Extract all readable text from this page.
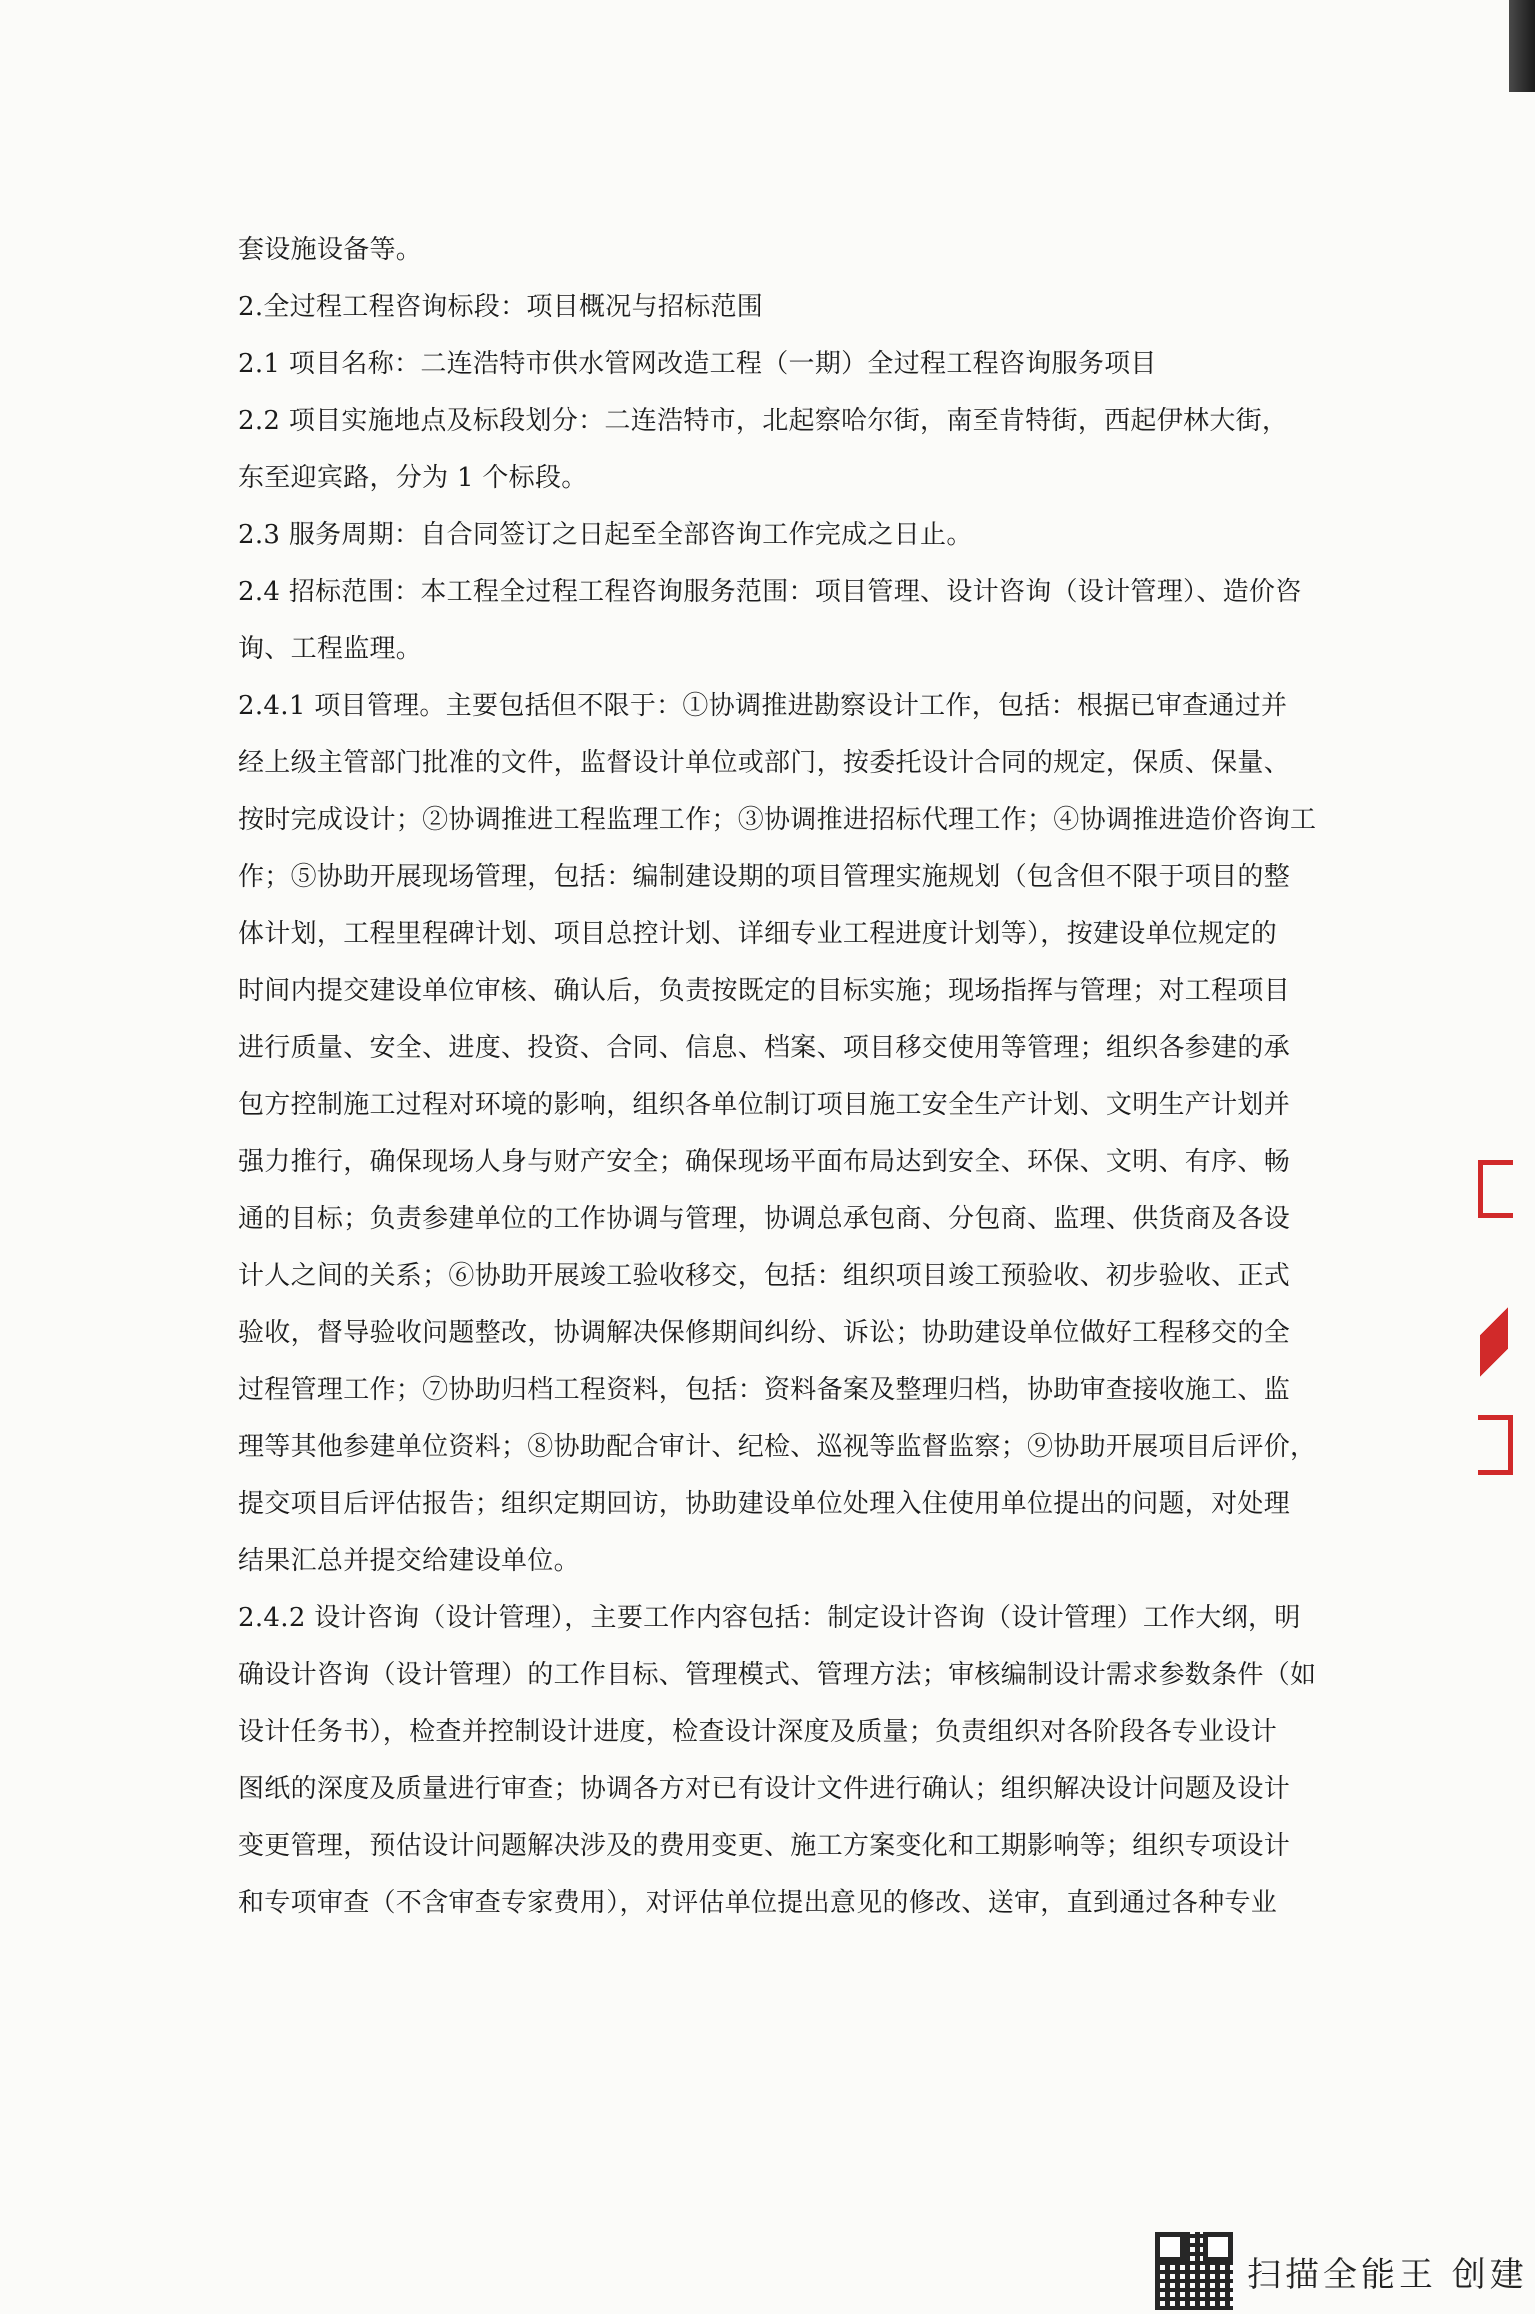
套设施设备等。
2.全过程工程咨询标段：项目概况与招标范围
2.1 项目名称：二连浩特市供水管网改造工程（一期）全过程工程咨询服务项目
2.2 项目实施地点及标段划分：二连浩特市，北起察哈尔街，南至肯特街，西起伊林大街，
东至迎宾路，分为 1 个标段。
2.3 服务周期：自合同签订之日起至全部咨询工作完成之日止。
2.4 招标范围：本工程全过程工程咨询服务范围：项目管理、设计咨询（设计管理）、造价咨
询、工程监理。
2.4.1 项目管理。主要包括但不限于：①协调推进勘察设计工作，包括：根据已审查通过并
经上级主管部门批准的文件，监督设计单位或部门，按委托设计合同的规定，保质、保量、
按时完成设计；②协调推进工程监理工作；③协调推进招标代理工作；④协调推进造价咨询工
作；⑤协助开展现场管理，包括：编制建设期的项目管理实施规划（包含但不限于项目的整
体计划，工程里程碑计划、项目总控计划、详细专业工程进度计划等），按建设单位规定的
时间内提交建设单位审核、确认后，负责按既定的目标实施；现场指挥与管理；对工程项目
进行质量、安全、进度、投资、合同、信息、档案、项目移交使用等管理；组织各参建的承
包方控制施工过程对环境的影响，组织各单位制订项目施工安全生产计划、文明生产计划并
强力推行，确保现场人身与财产安全；确保现场平面布局达到安全、环保、文明、有序、畅
通的目标；负责参建单位的工作协调与管理，协调总承包商、分包商、监理、供货商及各设
计人之间的关系；⑥协助开展竣工验收移交，包括：组织项目竣工预验收、初步验收、正式
验收，督导验收问题整改，协调解决保修期间纠纷、诉讼；协助建设单位做好工程移交的全
过程管理工作；⑦协助归档工程资料，包括：资料备案及整理归档，协助审查接收施工、监
理等其他参建单位资料；⑧协助配合审计、纪检、巡视等监督监察；⑨协助开展项目后评价，
提交项目后评估报告；组织定期回访，协助建设单位处理入住使用单位提出的问题，对处理
结果汇总并提交给建设单位。
2.4.2 设计咨询（设计管理），主要工作内容包括：制定设计咨询（设计管理）工作大纲，明
确设计咨询（设计管理）的工作目标、管理模式、管理方法；审核编制设计需求参数条件（如
设计任务书），检查并控制设计进度，检查设计深度及质量；负责组织对各阶段各专业设计
图纸的深度及质量进行审查；协调各方对已有设计文件进行确认；组织解决设计问题及设计
变更管理，预估设计问题解决涉及的费用变更、施工方案变化和工期影响等；组织专项设计
和专项审查（不含审查专家费用），对评估单位提出意见的修改、送审，直到通过各种专业
扫描全能王 创建
